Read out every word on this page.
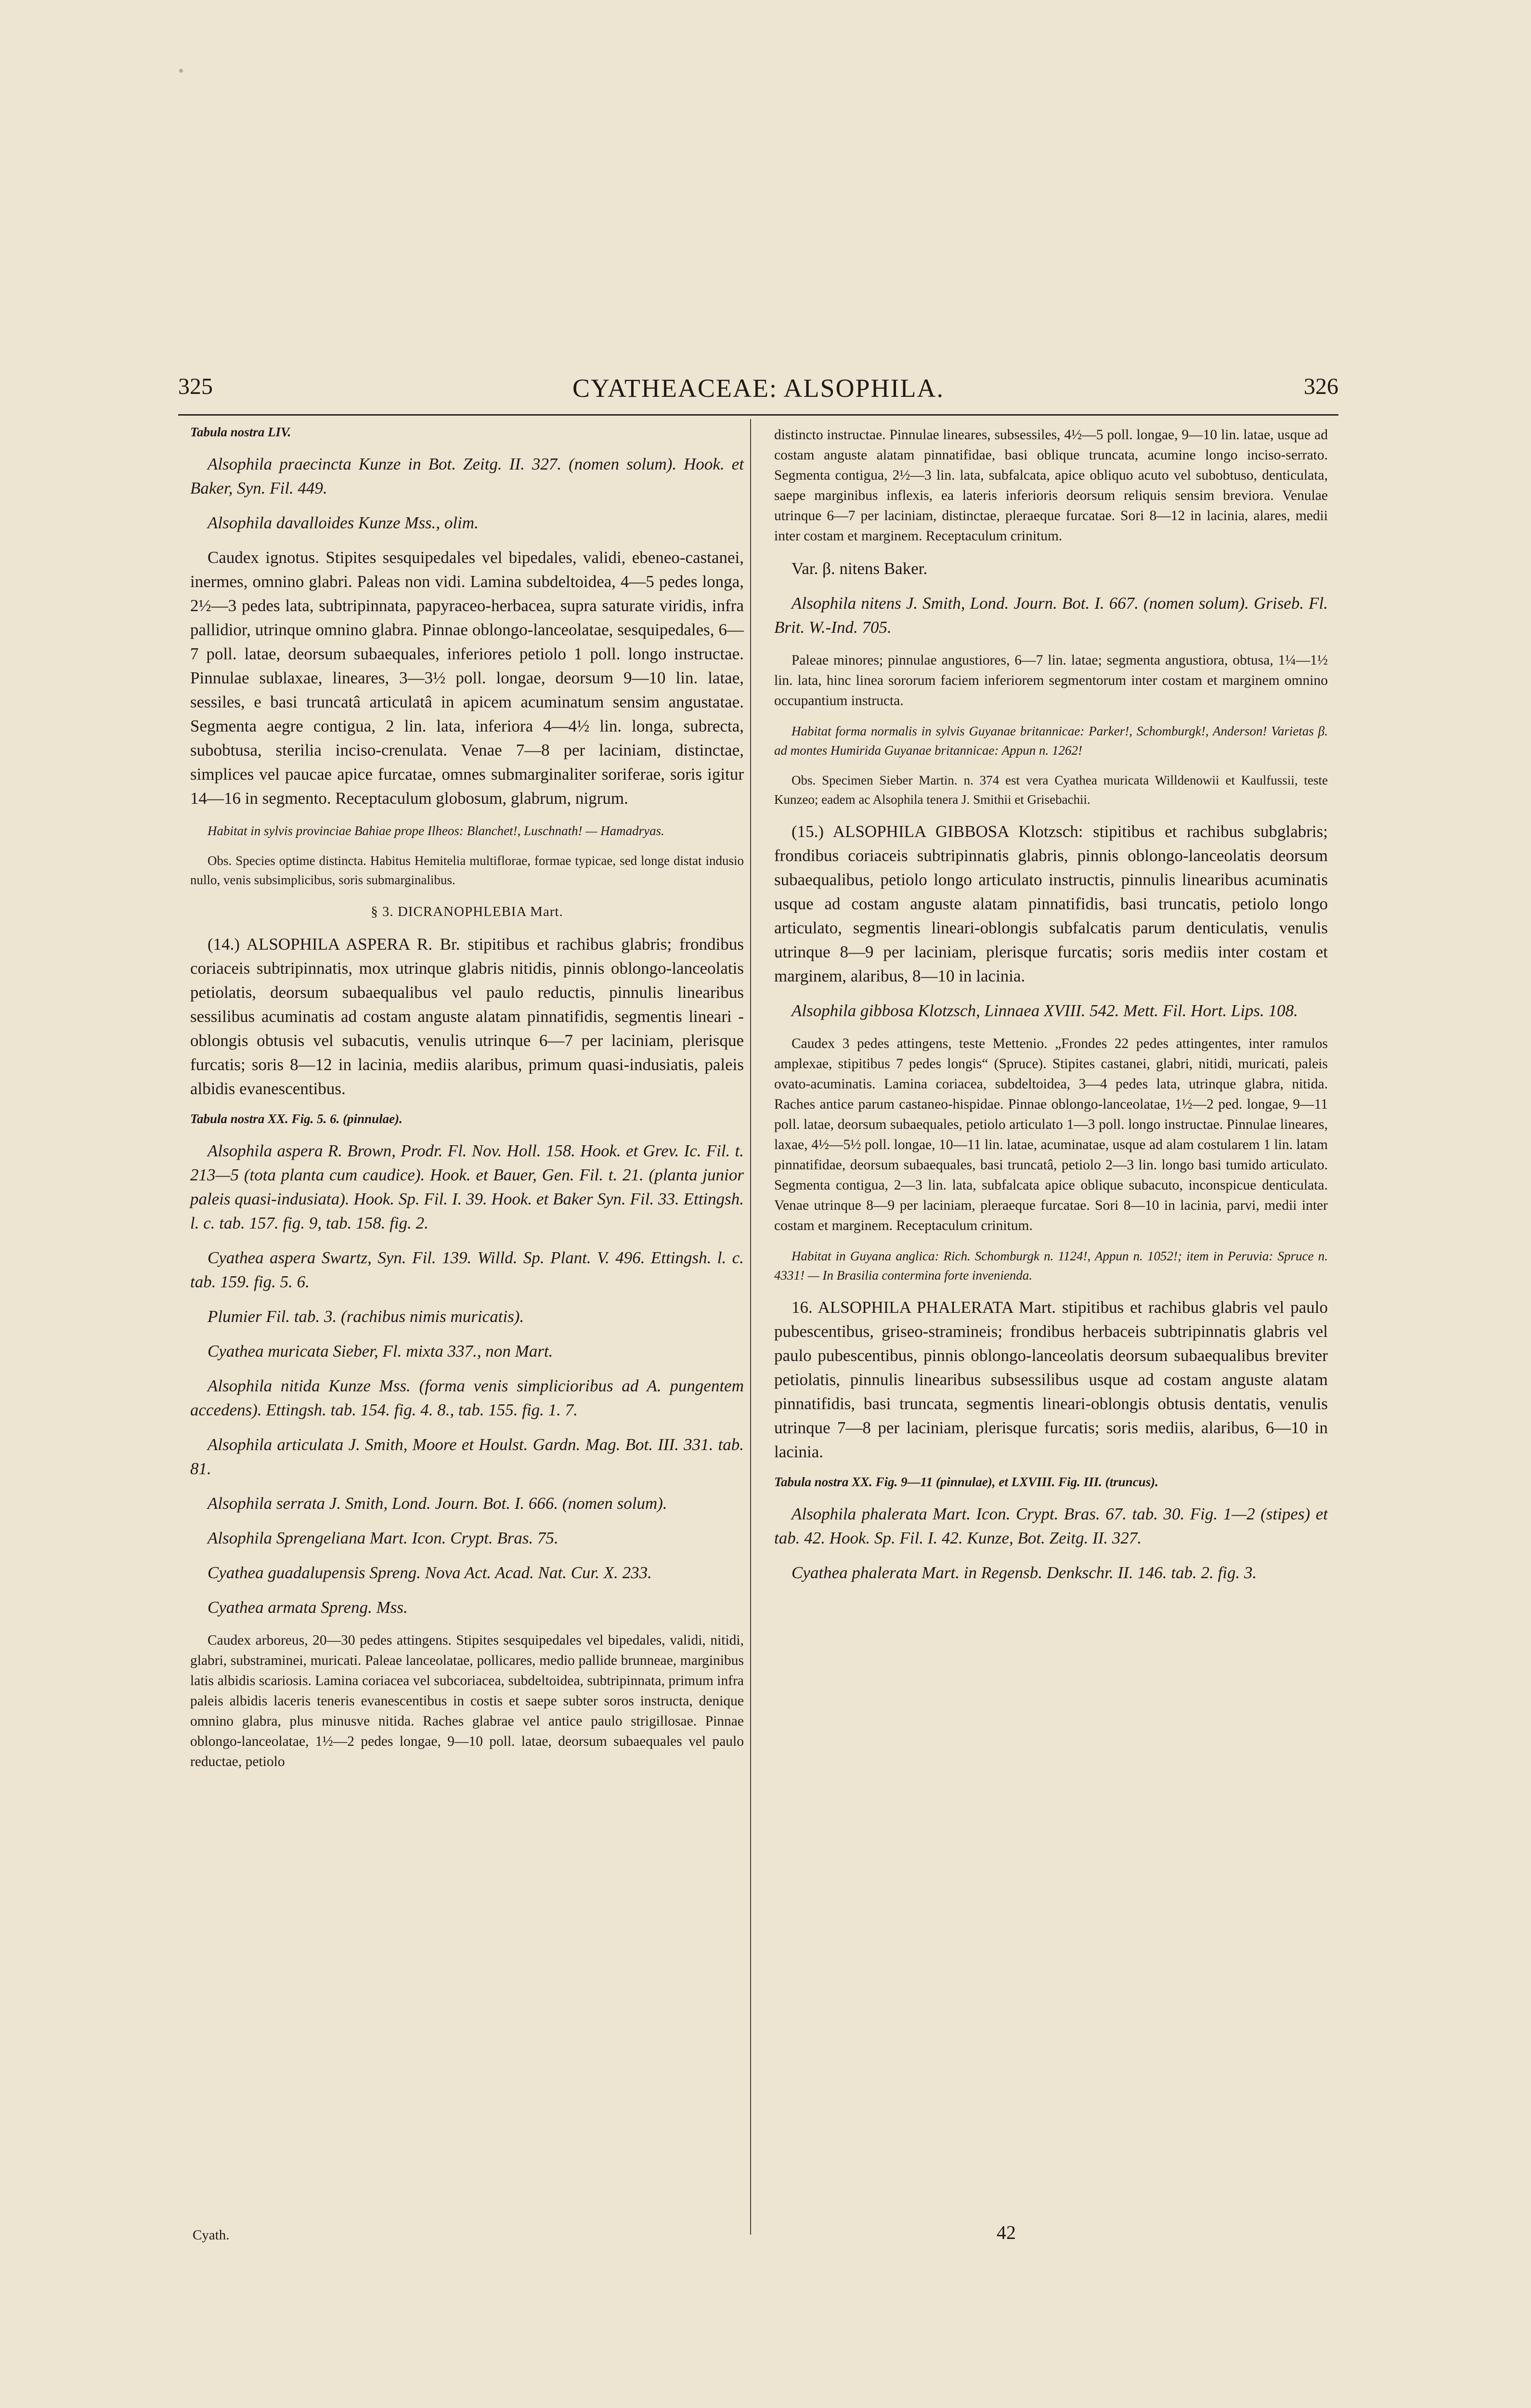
325	CYATHEACEAE: ALSOPHILA.	326

Tabula nostra LIV.

Alsophila praecincta Kunze in Bot. Zeitg. II. 327. (nomen solum). Hook. et Baker, Syn. Fil. 449.

Alsophila davalloides Kunze Mss., olim.

Caudex ignotus. Stipites sesquipedales vel bipedales, validi, ebeneo-castanei, inermes, omnino glabri. Paleas non vidi. Lamina subdeltoidea, 4—5 pedes longa, 2½—3 pedes lata, subtripinnata, papyraceo-herbacea, supra saturate viridis, infra pallidior, utrinque omnino glabra. Pinnae oblongo-lanceolatae, sesquipedales, 6—7 poll. latae, deorsum subaequales, inferiores petiolo 1 poll. longo instructae. Pinnulae sublaxae, lineares, 3—3½ poll. longae, deorsum 9—10 lin. latae, sessiles, e basi truncatâ articulatâ in apicem acuminatum sensim angustatae. Segmenta aegre contigua, 2 lin. lata, inferiora 4—4½ lin. longa, subrecta, subobtusa, sterilia inciso-crenulata. Venae 7—8 per laciniam, distinctae, simplices vel paucae apice furcatae, omnes submarginaliter soriferae, soris igitur 14—16 in segmento. Receptaculum globosum, glabrum, nigrum.

Habitat in sylvis provinciae Bahiae prope Ilheos: Blanchet!, Luschnath! — Hamadryas.

Obs. Species optime distincta. Habitus Hemitelia multiflorae, formae typicae, sed longe distat indusio nullo, venis subsimplicibus, soris submarginalibus.

§ 3. DICRANOPHLEBIA Mart.

(14.) ALSOPHILA ASPERA R. Br. stipitibus et rachibus glabris; frondibus coriaceis subtripinnatis, mox utrinque glabris nitidis, pinnis oblongo-lanceolatis petiolatis, deorsum subaequalibus vel paulo reductis, pinnulis linearibus sessilibus acuminatis ad costam anguste alatam pinnatifidis, segmentis lineari - oblongis obtusis vel subacutis, venulis utrinque 6—7 per laciniam, plerisque furcatis; soris 8—12 in lacinia, mediis alaribus, primum quasi-indusiatis, paleis albidis evanescentibus.

Tabula nostra XX. Fig. 5. 6. (pinnulae).

Alsophila aspera R. Brown, Prodr. Fl. Nov. Holl. 158. Hook. et Grev. Ic. Fil. t. 213—5 (tota planta cum caudice). Hook. et Bauer, Gen. Fil. t. 21. (planta junior paleis quasi-indusiata). Hook. Sp. Fil. I. 39. Hook. et Baker Syn. Fil. 33. Ettingsh. l. c. tab. 157. fig. 9, tab. 158. fig. 2.

Cyathea aspera Swartz, Syn. Fil. 139. Willd. Sp. Plant. V. 496. Ettingsh. l. c. tab. 159. fig. 5. 6.

Plumier Fil. tab. 3. (rachibus nimis muricatis).

Cyathea muricata Sieber, Fl. mixta 337., non Mart.

Alsophila nitida Kunze Mss. (forma venis simplicioribus ad A. pungentem accedens). Ettingsh. tab. 154. fig. 4. 8., tab. 155. fig. 1. 7.

Alsophila articulata J. Smith, Moore et Houlst. Gardn. Mag. Bot. III. 331. tab. 81.

Alsophila serrata J. Smith, Lond. Journ. Bot. I. 666. (nomen solum).

Alsophila Sprengeliana Mart. Icon. Crypt. Bras. 75.

Cyathea guadalupensis Spreng. Nova Act. Acad. Nat. Cur. X. 233.

Cyathea armata Spreng. Mss.

Caudex arboreus, 20—30 pedes attingens. Stipites sesquipedales vel bipedales, validi, nitidi, glabri, substraminei, muricati. Paleae lanceolatae, pollicares, medio pallide brunneae, marginibus latis albidis scariosis. Lamina coriacea vel subcoriacea, subdeltoidea, subtripinnata, primum infra paleis albidis laceris teneris evanescentibus in costis et saepe subter soros instructa, denique omnino glabra, plus minusve nitida. Raches glabrae vel antice paulo strigillosae. Pinnae oblongo-lanceolatae, 1½—2 pedes longae, 9—10 poll. latae, deorsum subaequales vel paulo reductae, petiolo

distincto instructae. Pinnulae lineares, subsessiles, 4½—5 poll. longae, 9—10 lin. latae, usque ad costam anguste alatam pinnatifidae, basi oblique truncata, acumine longo inciso-serrato. Segmenta contigua, 2½—3 lin. lata, subfalcata, apice obliquo acuto vel subobtuso, denticulata, saepe marginibus inflexis, ea lateris inferioris deorsum reliquis sensim breviora. Venulae utrinque 6—7 per laciniam, distinctae, pleraeque furcatae. Sori 8—12 in lacinia, alares, medii inter costam et marginem. Receptaculum crinitum.

Var. β. nitens Baker.

Alsophila nitens J. Smith, Lond. Journ. Bot. I. 667. (nomen solum). Griseb. Fl. Brit. W.-Ind. 705.

Paleae minores; pinnulae angustiores, 6—7 lin. latae; segmenta angustiora, obtusa, 1¼—1½ lin. lata, hinc linea sororum faciem inferiorem segmentorum inter costam et marginem omnino occupantium instructa.

Habitat forma normalis in sylvis Guyanae britannicae: Parker!, Schomburgk!, Anderson! Varietas β. ad montes Humirida Guyanae britannicae: Appun n. 1262!

Obs. Specimen Sieber Martin. n. 374 est vera Cyathea muricata Willdenowii et Kaulfussii, teste Kunzeo; eadem ac Alsophila tenera J. Smithii et Grisebachii.

(15.) ALSOPHILA GIBBOSA Klotzsch: stipitibus et rachibus subglabris; frondibus coriaceis subtripinnatis glabris, pinnis oblongo-lanceolatis deorsum subaequalibus, petiolo longo articulato instructis, pinnulis linearibus acuminatis usque ad costam anguste alatam pinnatifidis, basi truncatis, petiolo longo articulato, segmentis lineari-oblongis subfalcatis parum denticulatis, venulis utrinque 8—9 per laciniam, plerisque furcatis; soris mediis inter costam et marginem, alaribus, 8—10 in lacinia.

Alsophila gibbosa Klotzsch, Linnaea XVIII. 542. Mett. Fil. Hort. Lips. 108.

Caudex 3 pedes attingens, teste Mettenio. „Frondes 22 pedes attingentes, inter ramulos amplexae, stipitibus 7 pedes longis“ (Spruce). Stipites castanei, glabri, nitidi, muricati, paleis ovato-acuminatis. Lamina coriacea, subdeltoidea, 3—4 pedes lata, utrinque glabra, nitida. Raches antice parum castaneo-hispidae. Pinnae oblongo-lanceolatae, 1½—2 ped. longae, 9—11 poll. latae, deorsum subaequales, petiolo articulato 1—3 poll. longo instructae. Pinnulae lineares, laxae, 4½—5½ poll. longae, 10—11 lin. latae, acuminatae, usque ad alam costularem 1 lin. latam pinnatifidae, deorsum subaequales, basi truncatâ, petiolo 2—3 lin. longo basi tumido articulato. Segmenta contigua, 2—3 lin. lata, subfalcata apice oblique subacuto, inconspicue denticulata. Venae utrinque 8—9 per laciniam, pleraeque furcatae. Sori 8—10 in lacinia, parvi, medii inter costam et marginem. Receptaculum crinitum.

Habitat in Guyana anglica: Rich. Schomburgk n. 1124!, Appun n. 1052!; item in Peruvia: Spruce n. 4331! — In Brasilia conterminа forte invenienda.

16. ALSOPHILA PHALERATA Mart. stipitibus et rachibus glabris vel paulo pubescentibus, griseo-stramineis; frondibus herbaceis subtripinnatis glabris vel paulo pubescentibus, pinnis oblongo-lanceolatis deorsum subaequalibus breviter petiolatis, pinnulis linearibus subsessilibus usque ad costam anguste alatam pinnatifidis, basi truncata, segmentis lineari-oblongis obtusis dentatis, venulis utrinque 7—8 per laciniam, plerisque furcatis; soris mediis, alaribus, 6—10 in lacinia.

Tabula nostra XX. Fig. 9—11 (pinnulae), et LXVIII. Fig. III. (truncus).

Alsophila phalerata Mart. Icon. Crypt. Bras. 67. tab. 30. Fig. 1—2 (stipes) et tab. 42. Hook. Sp. Fil. I. 42. Kunze, Bot. Zeitg. II. 327.

Cyathea phalerata Mart. in Regensb. Denkschr. II. 146. tab. 2. fig. 3.

Cyath.	42
